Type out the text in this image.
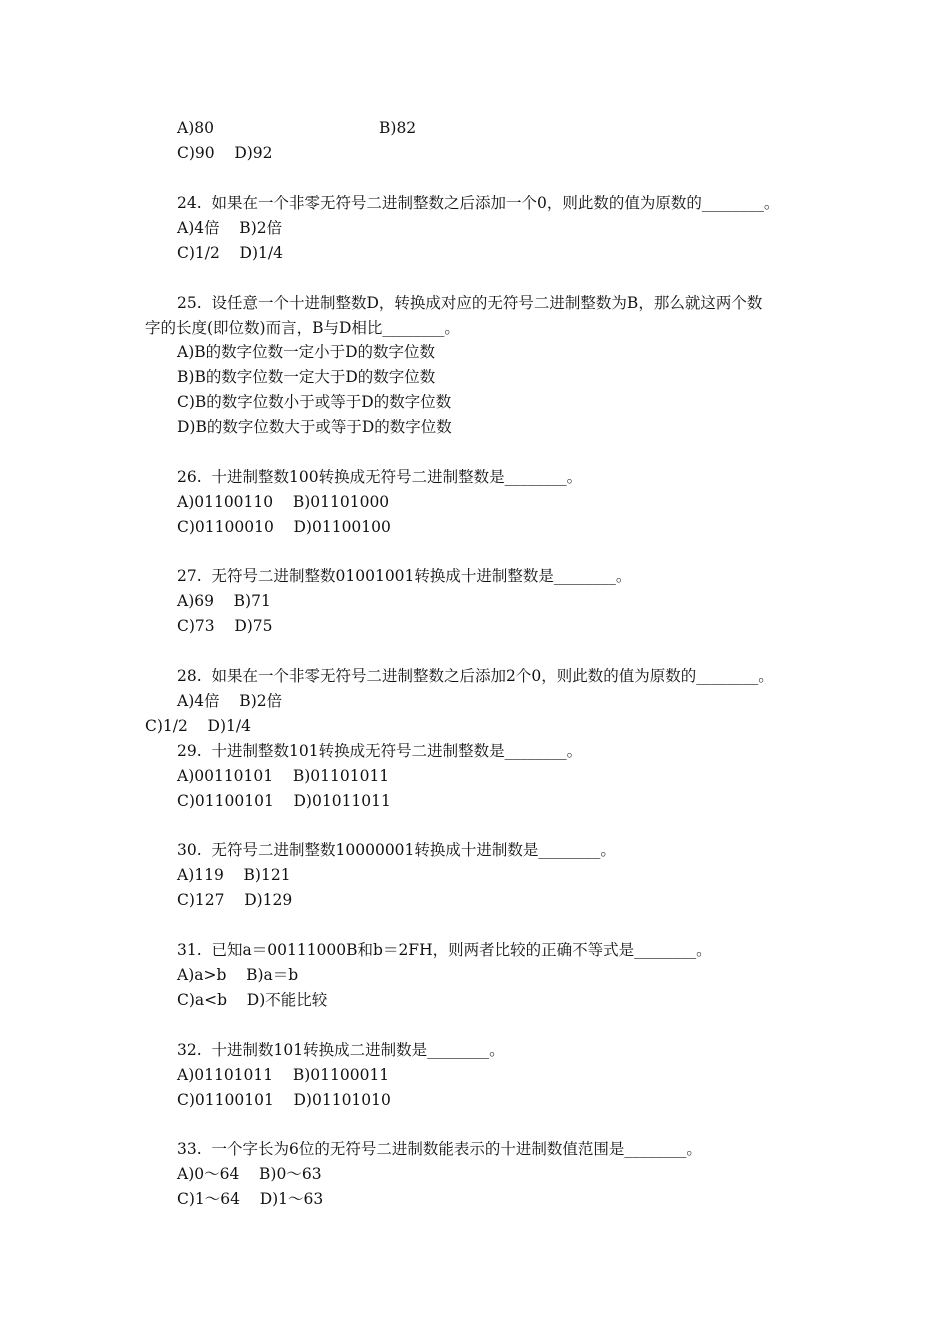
A)80	B)82
C)90    D)92
24.  如果在一个非零无符号二进制整数之后添加一个0，则此数的值为原数的________。
A)4倍    B)2倍
C)1/2    D)1/4
25.  设任意一个十进制整数D，转换成对应的无符号二进制整数为B，那么就这两个数
字的长度(即位数)而言，B与D相比________。
A)B的数字位数一定小于D的数字位数
B)B的数字位数一定大于D的数字位数
C)B的数字位数小于或等于D的数字位数
D)B的数字位数大于或等于D的数字位数
26.  十进制整数100转换成无符号二进制整数是________。
A)01100110    B)01101000
C)01100010    D)01100100
27.  无符号二进制整数01001001转换成十进制整数是________。
A)69    B)71
C)73    D)75
28.  如果在一个非零无符号二进制整数之后添加2个0，则此数的值为原数的________。
A)4倍    B)2倍
C)1/2    D)1/4
29.  十进制整数101转换成无符号二进制整数是________。
A)00110101    B)01101011
C)01100101    D)01011011
30.  无符号二进制整数10000001转换成十进制数是________。
A)119    B)121
C)127    D)129
31.  已知a＝00111000B和b＝2FH，则两者比较的正确不等式是________。
A)a>b    B)a＝b
C)a<b    D)不能比较
32.  十进制数101转换成二进制数是________。
A)01101011    B)01100011
C)01100101    D)01101010
33.  一个字长为6位的无符号二进制数能表示的十进制数值范围是________。
A)0～64    B)0～63
C)1～64    D)1～63
